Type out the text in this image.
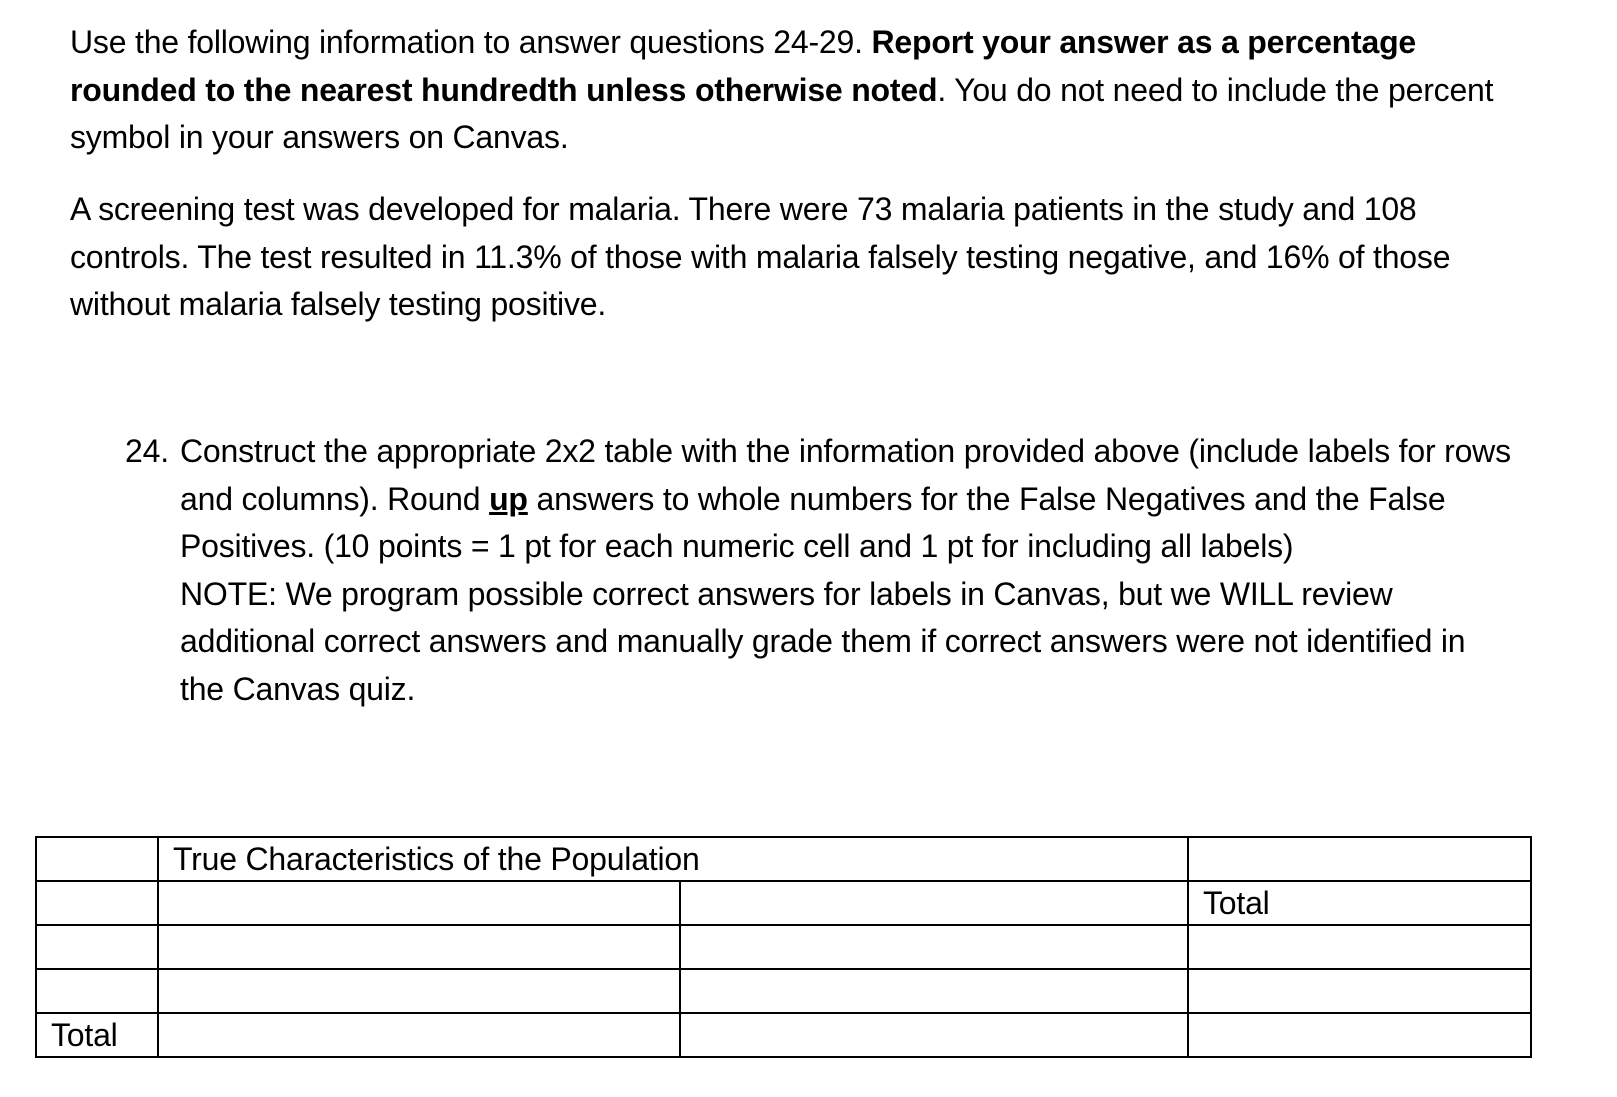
Use the following information to answer questions 24-29. Report your answer as a percentage rounded to the nearest hundredth unless otherwise noted. You do not need to include the percent symbol in your answers on Canvas.

A screening test was developed for malaria. There were 73 malaria patients in the study and 108 controls. The test resulted in 11.3% of those with malaria falsely testing negative, and 16% of those without malaria falsely testing positive.

24. Construct the appropriate 2x2 table with the information provided above (include labels for rows and columns). Round up answers to whole numbers for the False Negatives and the False Positives. (10 points = 1 pt for each numeric cell and 1 pt for including all labels)
NOTE: We program possible correct answers for labels in Canvas, but we WILL review additional correct answers and manually grade them if correct answers were not identified in the Canvas quiz.
	True Characteristics of the Population		
			Total

Total			
